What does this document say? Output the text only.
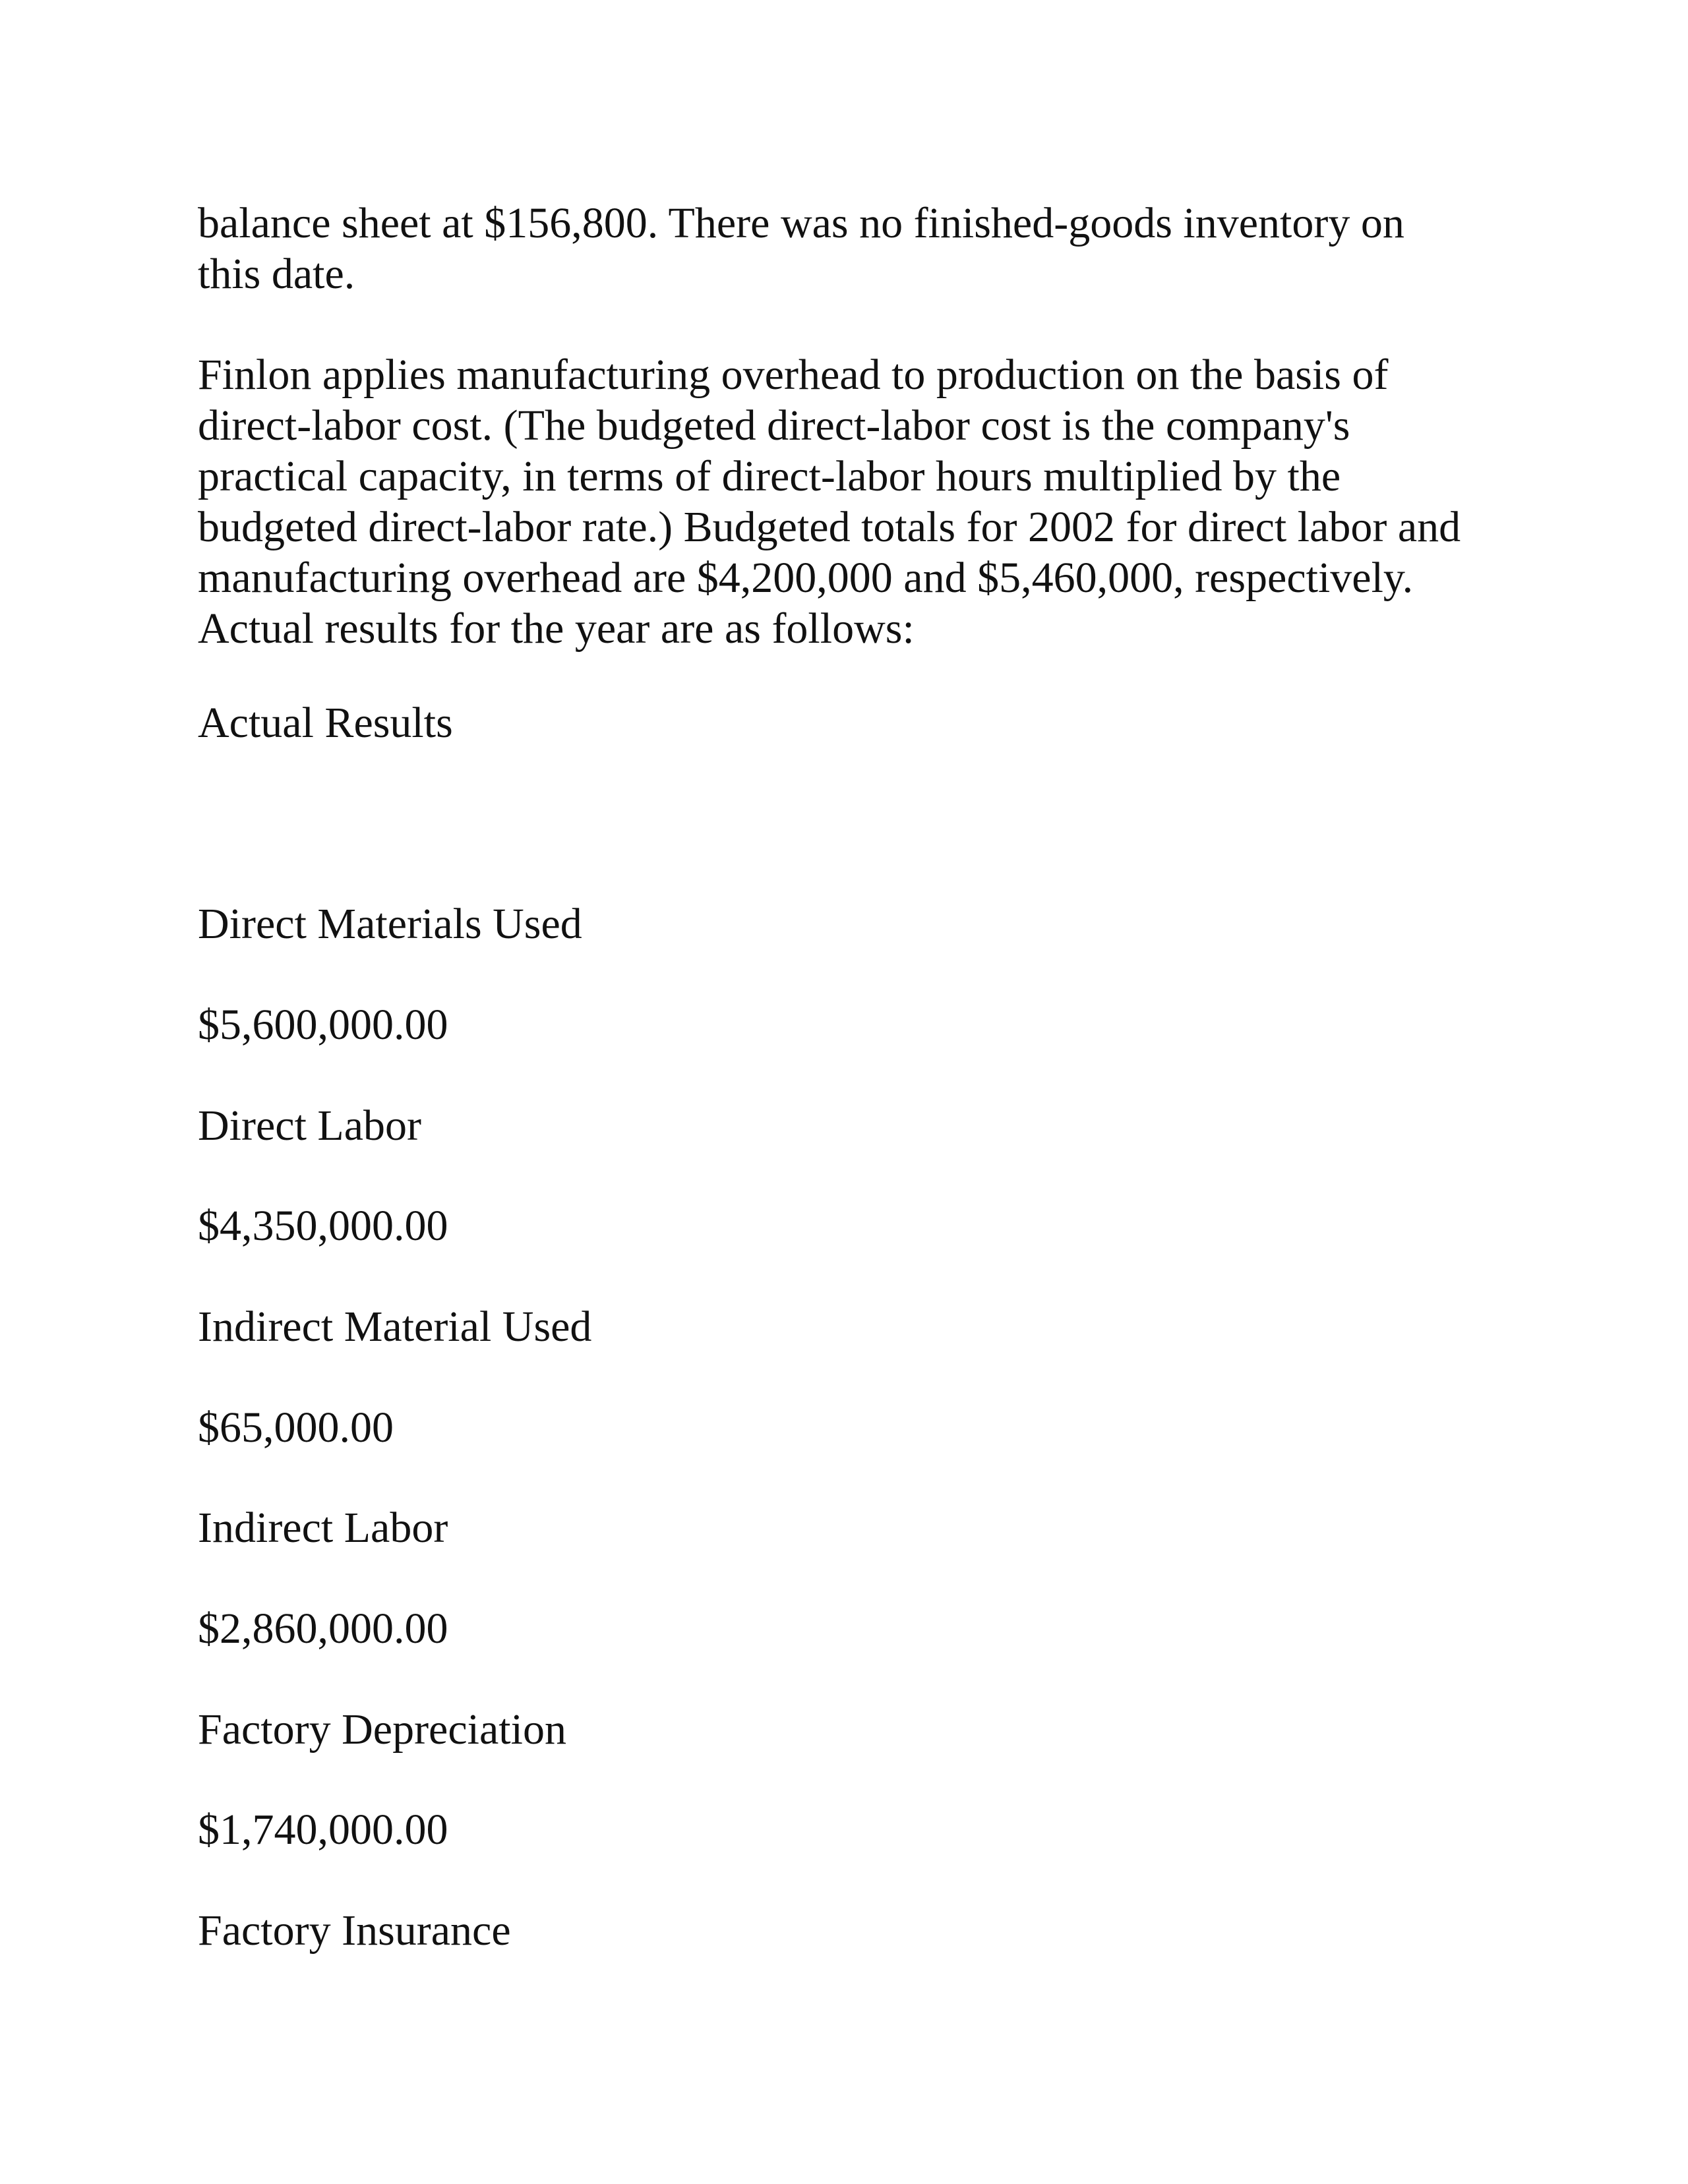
balance sheet at $156,800. There was no finished-goods inventory on
this date.

Finlon applies manufacturing overhead to production on the basis of
direct-labor cost. (The budgeted direct-labor cost is the company's
practical capacity, in terms of direct-labor hours multiplied by the
budgeted direct-labor rate.) Budgeted totals for 2002 for direct labor and
manufacturing overhead are $4,200,000 and $5,460,000, respectively.
Actual results for the year are as follows:

Actual Results

Direct Materials Used

$5,600,000.00

Direct Labor

$4,350,000.00

Indirect Material Used

$65,000.00

Indirect Labor

$2,860,000.00

Factory Depreciation

$1,740,000.00

Factory Insurance
